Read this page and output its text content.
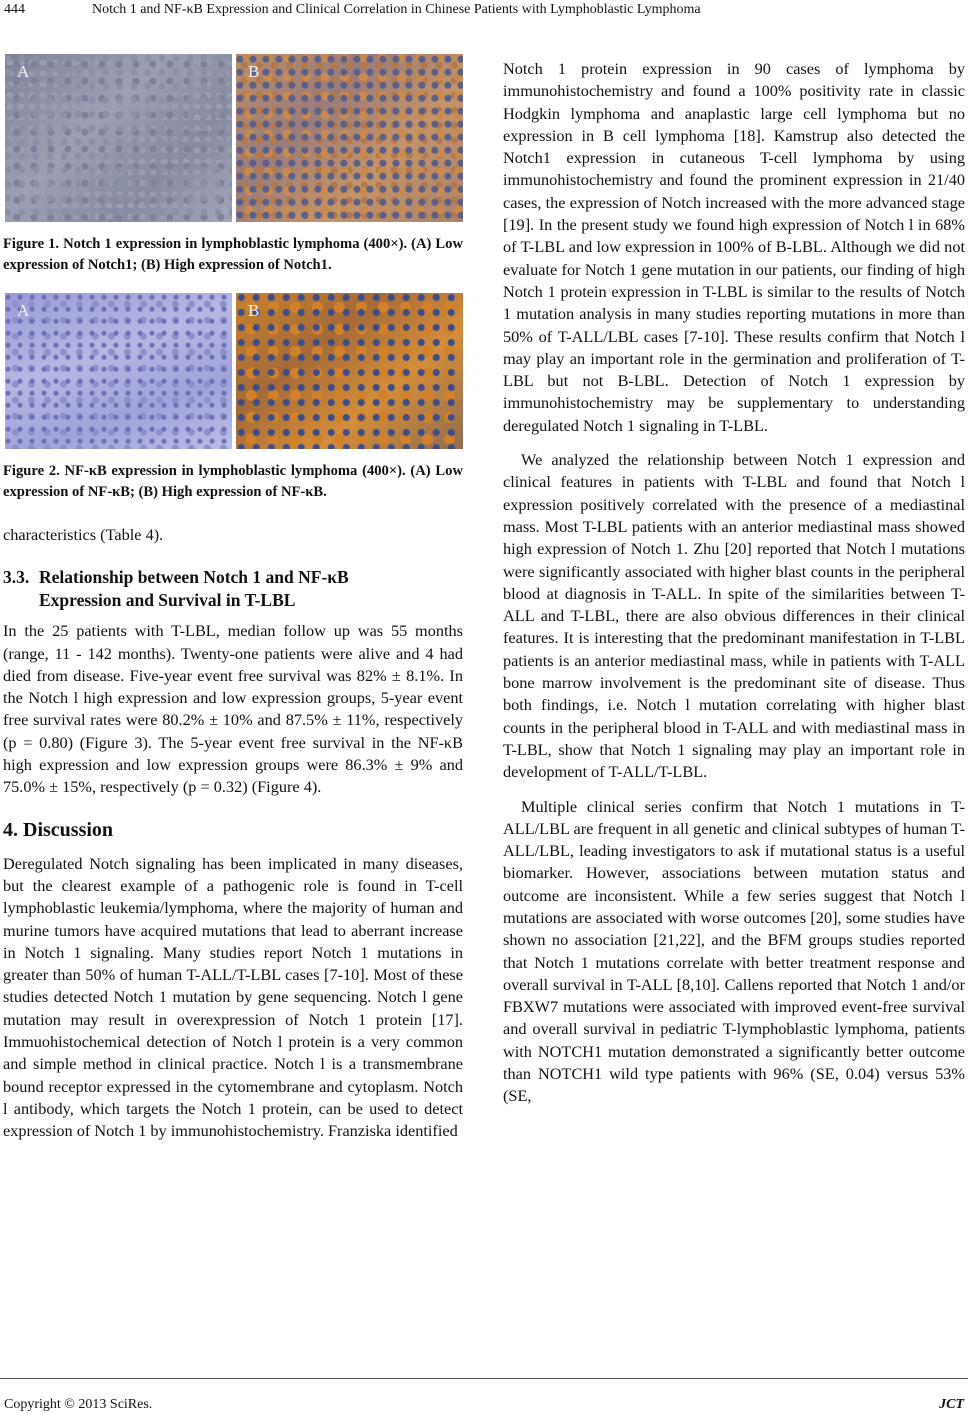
444	Notch 1 and NF-κB Expression and Clinical Correlation in Chinese Patients with Lymphoblastic Lymphoma
A	B
Figure 1. Notch 1 expression in lymphoblastic lymphoma (400×). (A) Low expression of Notch1; (B) High expression of Notch1.
A	B
Figure 2. NF-κB expression in lymphoblastic lymphoma (400×). (A) Low expression of NF-κB; (B) High expression of NF-κB.

characteristics (Table 4).

3.3. Relationship between Notch 1 and NF-κB
Expression and Survival in T-LBL

In the 25 patients with T-LBL, median follow up was 55 months (range, 11 - 142 months). Twenty-one patients were alive and 4 had died from disease. Five-year event free survival was 82% ± 8.1%. In the Notch l high expression and low expression groups, 5-year event free survival rates were 80.2% ± 10% and 87.5% ± 11%, respectively (p = 0.80) (Figure 3). The 5-year event free survival in the NF-κB high expression and low expression groups were 86.3% ± 9% and 75.0% ± 15%, respectively (p = 0.32) (Figure 4).

4. Discussion

Deregulated Notch signaling has been implicated in many diseases, but the clearest example of a pathogenic role is found in T-cell lymphoblastic leukemia/lymphoma, where the majority of human and murine tumors have acquired mutations that lead to aberrant increase in Notch 1 signaling. Many studies report Notch 1 mutations in greater than 50% of human T-ALL/T-LBL cases [7-10]. Most of these studies detected Notch 1 mutation by gene sequencing. Notch l gene mutation may result in overexpression of Notch 1 protein [17]. Immuohistochemical detection of Notch l protein is a very common and simple method in clinical practice. Notch l is a transmembrane bound receptor expressed in the cytomembrane and cytoplasm. Notch l antibody, which targets the Notch 1 protein, can be used to detect expression of Notch 1 by immunohistochemistry. Franziska identified

Notch 1 protein expression in 90 cases of lymphoma by immunohistochemistry and found a 100% positivity rate in classic Hodgkin lymphoma and anaplastic large cell lymphoma but no expression in B cell lymphoma [18]. Kamstrup also detected the Notch1 expression in cutaneous T-cell lymphoma by using immunohistochemistry and found the prominent expression in 21/40 cases, the expression of Notch increased with the more advanced stage [19]. In the present study we found high expression of Notch l in 68% of T-LBL and low expression in 100% of B-LBL. Although we did not evaluate for Notch 1 gene mutation in our patients, our finding of high Notch 1 protein expression in T-LBL is similar to the results of Notch 1 mutation analysis in many studies reporting mutations in more than 50% of T-ALL/LBL cases [7-10]. These results confirm that Notch l may play an important role in the germination and proliferation of T-LBL but not B-LBL. Detection of Notch 1 expression by immunohistochemistry may be supplementary to understanding deregulated Notch 1 signaling in T-LBL.

We analyzed the relationship between Notch 1 expression and clinical features in patients with T-LBL and found that Notch l expression positively correlated with the presence of a mediastinal mass. Most T-LBL patients with an anterior mediastinal mass showed high expression of Notch 1. Zhu [20] reported that Notch l mutations were significantly associated with higher blast counts in the peripheral blood at diagnosis in T-ALL. In spite of the similarities between T-ALL and T-LBL, there are also obvious differences in their clinical features. It is interesting that the predominant manifestation in T-LBL patients is an anterior mediastinal mass, while in patients with T-ALL bone marrow involvement is the predominant site of disease. Thus both findings, i.e. Notch l mutation correlating with higher blast counts in the peripheral blood in T-ALL and with mediastinal mass in T-LBL, show that Notch 1 signaling may play an important role in development of T-ALL/T-LBL.

Multiple clinical series confirm that Notch 1 mutations in T-ALL/LBL are frequent in all genetic and clinical subtypes of human T-ALL/LBL, leading investigators to ask if mutational status is a useful biomarker. However, associations between mutation status and outcome are inconsistent. While a few series suggest that Notch l mutations are associated with worse outcomes [20], some studies have shown no association [21,22], and the BFM groups studies reported that Notch 1 mutations correlate with better treatment response and overall survival in T-ALL [8,10]. Callens reported that Notch 1 and/or FBXW7 mutations were associated with improved event-free survival and overall survival in pediatric T-lymphoblastic lymphoma, patients with NOTCH1 mutation demonstrated a significantly better outcome than NOTCH1 wild type patients with 96% (SE, 0.04) versus 53% (SE,

Copyright © 2013 SciRes.	JCT
